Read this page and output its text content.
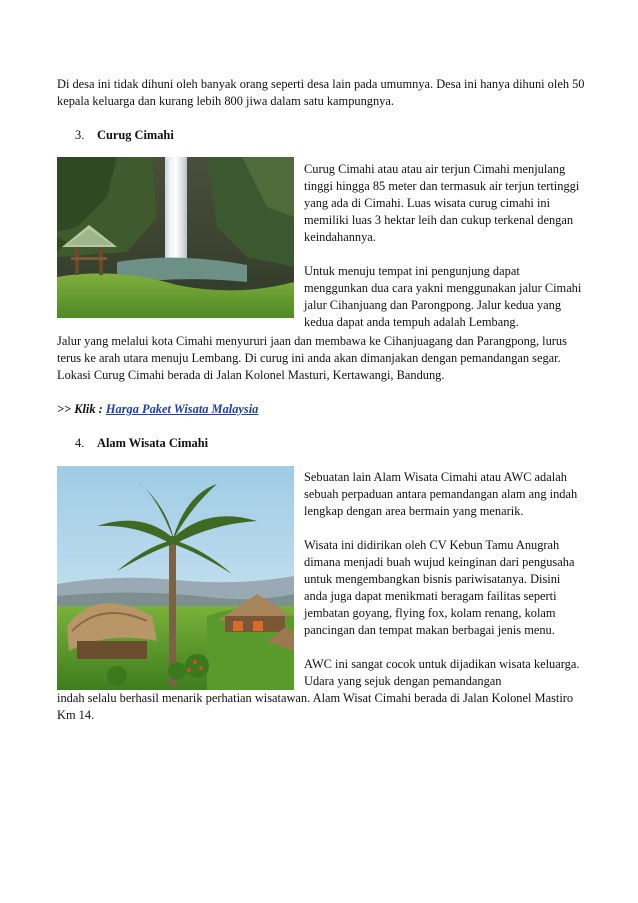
Di desa ini tidak dihuni oleh banyak orang seperti desa lain pada umumnya. Desa ini hanya dihuni oleh 50 kepala keluarga dan kurang lebih 800 jiwa dalam satu kampungnya.

3. Curug Cimahi

Curug Cimahi atau atau air terjun Cimahi menjulang tinggi hingga 85 meter dan termasuk air terjun tertinggi yang ada di Cimahi. Luas wisata curug cimahi ini memiliki luas 3 hektar leih dan cukup terkenal dengan keindahannya.

Untuk menuju tempat ini pengunjung dapat menggunkan dua cara yakni menggunakan jalur Cimahi jalur Cihanjuang dan Parongpong. Jalur kedua yang kedua dapat anda tempuh adalah Lembang.

Jalur yang melalui kota Cimahi menyururi jaan dan membawa ke Cihanjuagang dan Parangpong, lurus terus ke arah utara menuju Lembang. Di curug ini anda akan dimanjakan dengan pemandangan segar. Lokasi Curug Cimahi berada di Jalan Kolonel Masturi, Kertawangi, Bandung.

>> Klik : Harga Paket Wisata Malaysia

4. Alam Wisata Cimahi

Sebuatan lain Alam Wisata Cimahi atau AWC adalah sebuah perpaduan antara pemandangan alam ang indah lengkap dengan area bermain yang menarik.

Wisata ini didirikan oleh CV Kebun Tamu Anugrah dimana menjadi buah wujud keinginan dari pengusaha untuk mengembangkan bisnis pariwisatanya. Disini anda juga dapat menikmati beragam failitas seperti jembatan goyang, flying fox, kolam renang, kolam pancingan dan tempat makan berbagai jenis menu.

AWC ini sangat cocok untuk dijadikan wisata keluarga. Udara yang sejuk dengan pemandangan

indah selalu berhasil menarik perhatian wisatawan. Alam Wisat Cimahi berada di Jalan Kolonel Mastiro Km 14.
